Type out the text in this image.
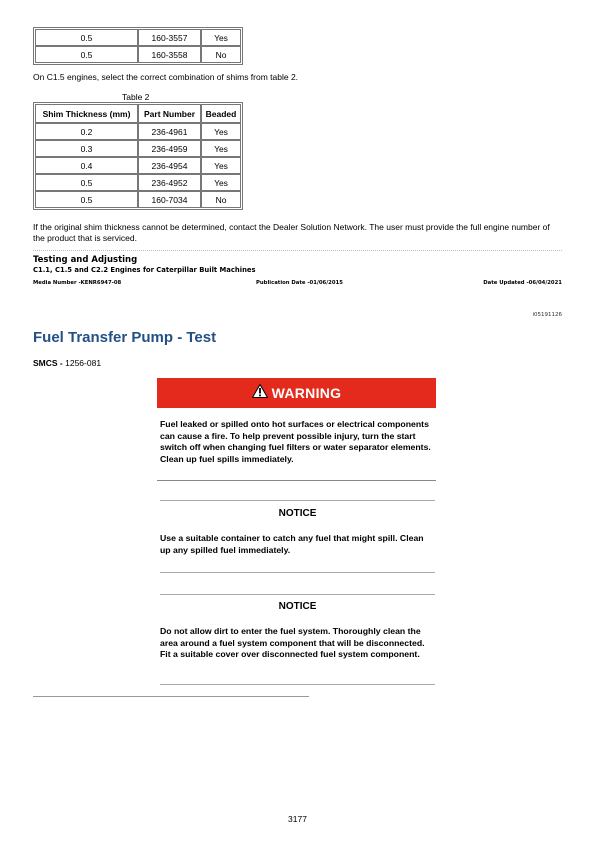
0.5	160-3557	Yes
0.5	160-3558	No
On C1.5 engines, select the correct combination of shims from table 2.
Table 2
Shim Thickness (mm)	Part Number	Beaded
0.2	236-4961	Yes
0.3	236-4959	Yes
0.4	236-4954	Yes
0.5	236-4952	Yes
0.5	160-7034	No
If the original shim thickness cannot be determined, contact the Dealer Solution Network. The user must provide the full engine number of the product that is serviced.
Testing and Adjusting
C1.1, C1.5 and C2.2 Engines for Caterpillar Built Machines
Media Number -KENR6947-08	Publication Date -01/06/2015	Date Updated -06/04/2021
i05191126
Fuel Transfer Pump - Test
SMCS - 1256-081
WARNING
Fuel leaked or spilled onto hot surfaces or electrical components can cause a fire. To help prevent possible injury, turn the start switch off when changing fuel filters or water separator elements. Clean up fuel spills immediately.
NOTICE
Use a suitable container to catch any fuel that might spill. Clean up any spilled fuel immediately.
NOTICE
Do not allow dirt to enter the fuel system. Thoroughly clean the area around a fuel system component that will be disconnected. Fit a suitable cover over disconnected fuel system component.
3177
